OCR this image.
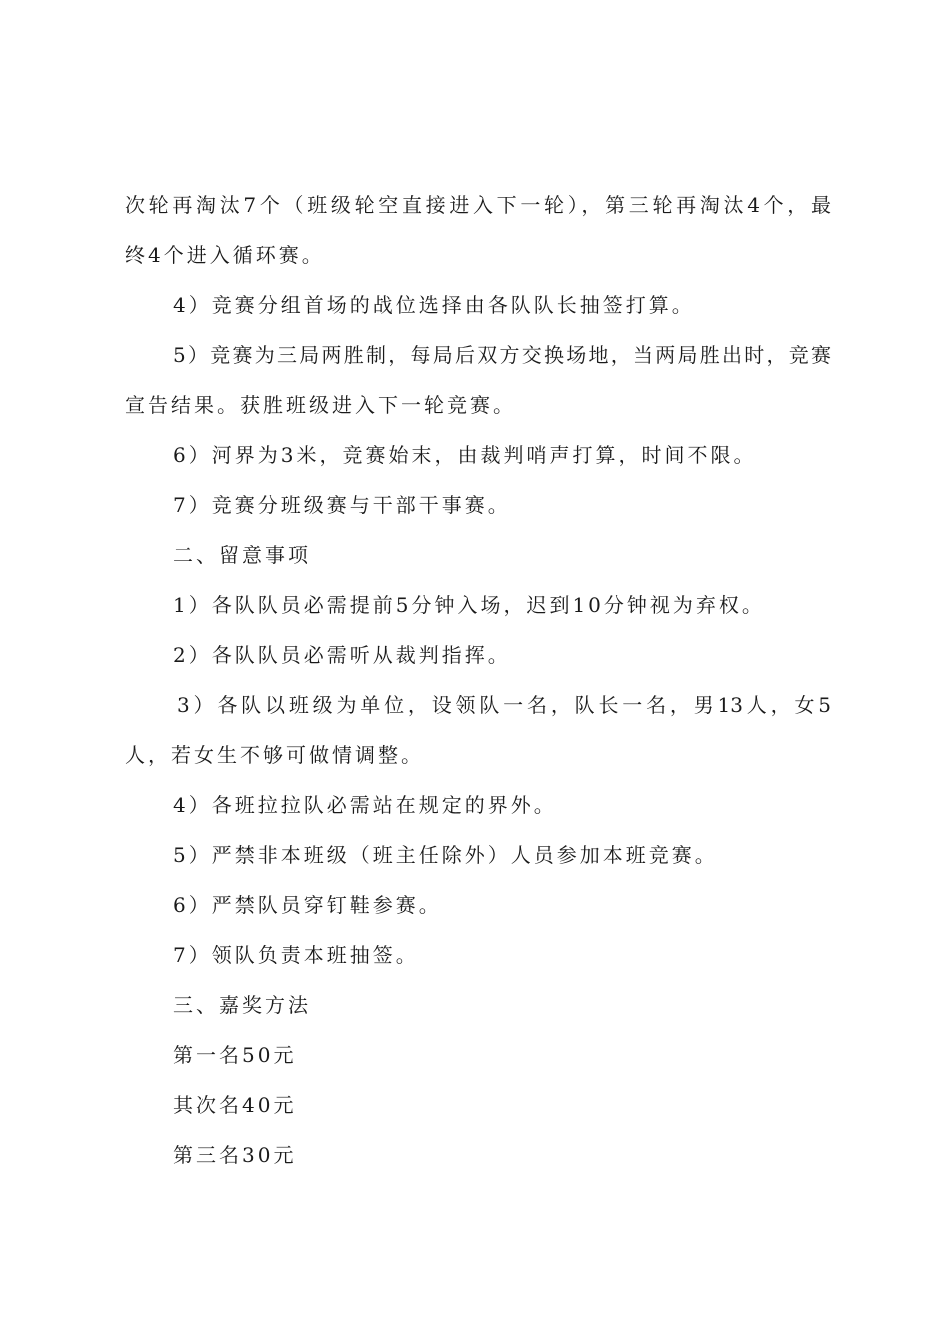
次轮再淘汰7个（班级轮空直接进入下一轮），第三轮再淘汰4个，最
终4个进入循环赛。
4）竞赛分组首场的战位选择由各队队长抽签打算。
5）竞赛为三局两胜制，每局后双方交换场地，当两局胜出时，竞赛
宣告结果。获胜班级进入下一轮竞赛。
6）河界为3米，竞赛始末，由裁判哨声打算，时间不限。
7）竞赛分班级赛与干部干事赛。
二、留意事项
1）各队队员必需提前5分钟入场，迟到10分钟视为弃权。
2）各队队员必需听从裁判指挥。
3）各队以班级为单位，设领队一名，队长一名，男13人，女5
人，若女生不够可做情调整。
4）各班拉拉队必需站在规定的界外。
5）严禁非本班级（班主任除外）人员参加本班竞赛。
6）严禁队员穿钉鞋参赛。
7）领队负责本班抽签。
三、嘉奖方法
第一名50元
其次名40元
第三名30元
